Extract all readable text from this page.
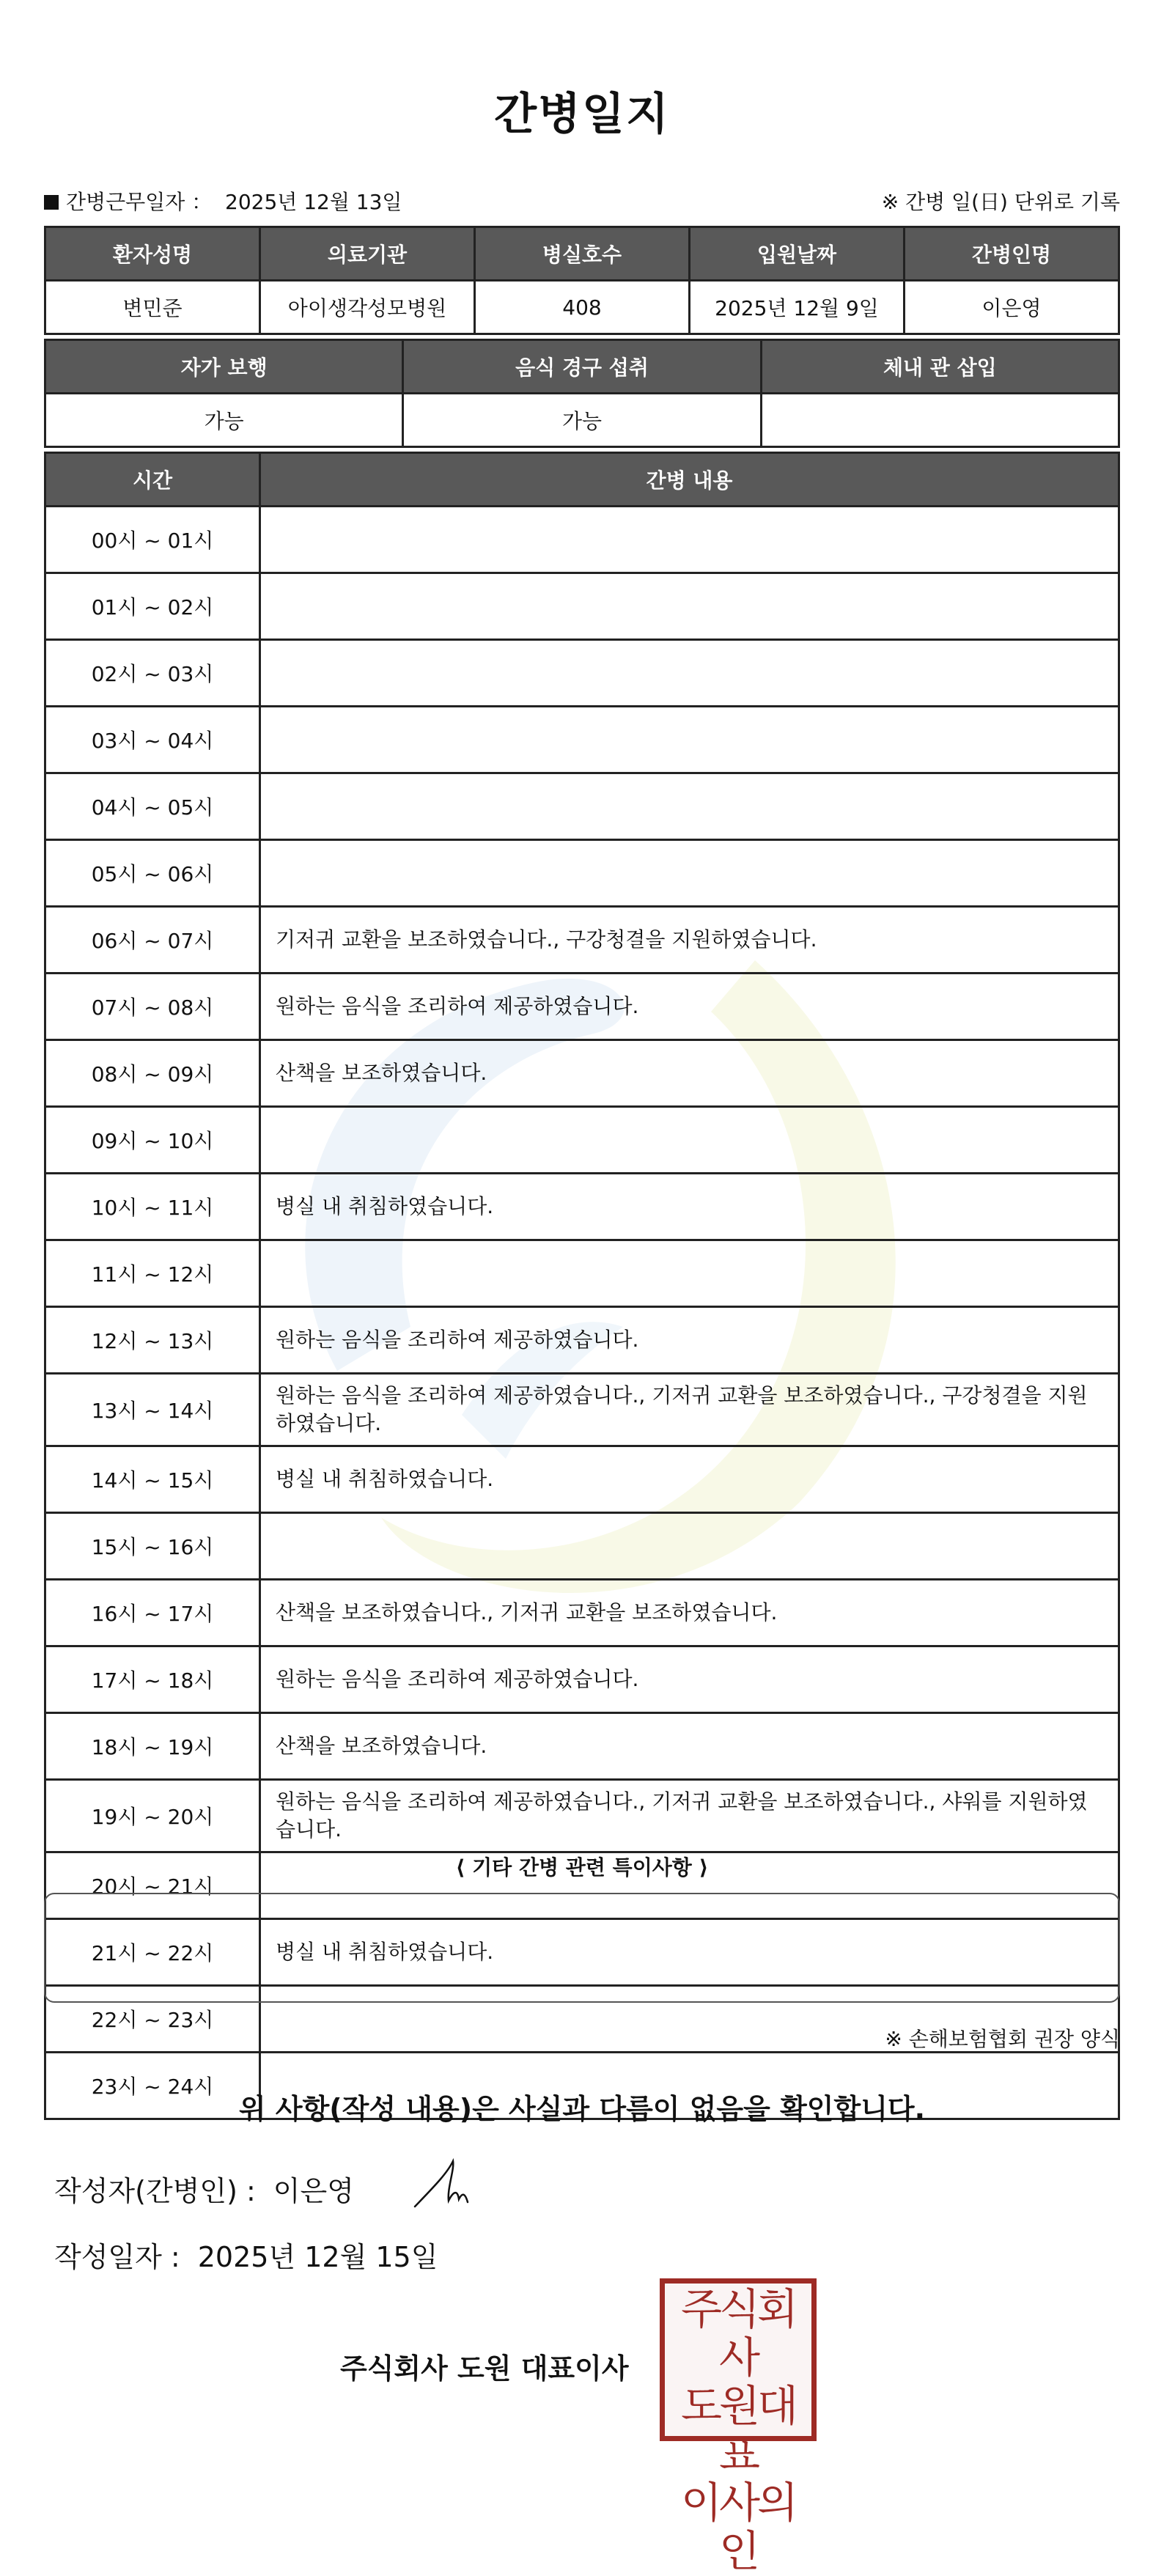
간병일지
간병근무일자 ： 2025년 12월 13일	※ 간병 일(日) 단위로 기록
환자성명	의료기관	병실호수	입원날짜	간병인명
변민준	아이생각성모병원	408	2025년 12월 9일	이은영
자가 보행	음식 경구 섭취	체내 관 삽입
가능	가능	
시간	간병 내용
00시 ~ 01시	
01시 ~ 02시	
02시 ~ 03시	
03시 ~ 04시	
04시 ~ 05시	
05시 ~ 06시	
06시 ~ 07시	기저귀 교환을 보조하였습니다., 구강청결을 지원하였습니다.
07시 ~ 08시	원하는 음식을 조리하여 제공하였습니다.
08시 ~ 09시	산책을 보조하였습니다.
09시 ~ 10시	
10시 ~ 11시	병실 내 취침하였습니다.
11시 ~ 12시	
12시 ~ 13시	원하는 음식을 조리하여 제공하였습니다.
13시 ~ 14시	원하는 음식을 조리하여 제공하였습니다., 기저귀 교환을 보조하였습니다., 구강청결을 지원하였습니다.
14시 ~ 15시	병실 내 취침하였습니다.
15시 ~ 16시	
16시 ~ 17시	산책을 보조하였습니다., 기저귀 교환을 보조하였습니다.
17시 ~ 18시	원하는 음식을 조리하여 제공하였습니다.
18시 ~ 19시	산책을 보조하였습니다.
19시 ~ 20시	원하는 음식을 조리하여 제공하였습니다., 기저귀 교환을 보조하였습니다., 샤워를 지원하였습니다.
20시 ~ 21시	
21시 ~ 22시	병실 내 취침하였습니다.
22시 ~ 23시	
23시 ~ 24시	
⟨ 기타 간병 관련 특이사항 ⟩
※ 손해보험협회 권장 양식
위 사항(작성 내용)은 사실과 다름이 없음을 확인합니다.
작성자(간병인) : 이은영
작성일자 : 2025년 12월 15일
주식회사 도원 대표이사
주식회사
도원대표
이사의인
